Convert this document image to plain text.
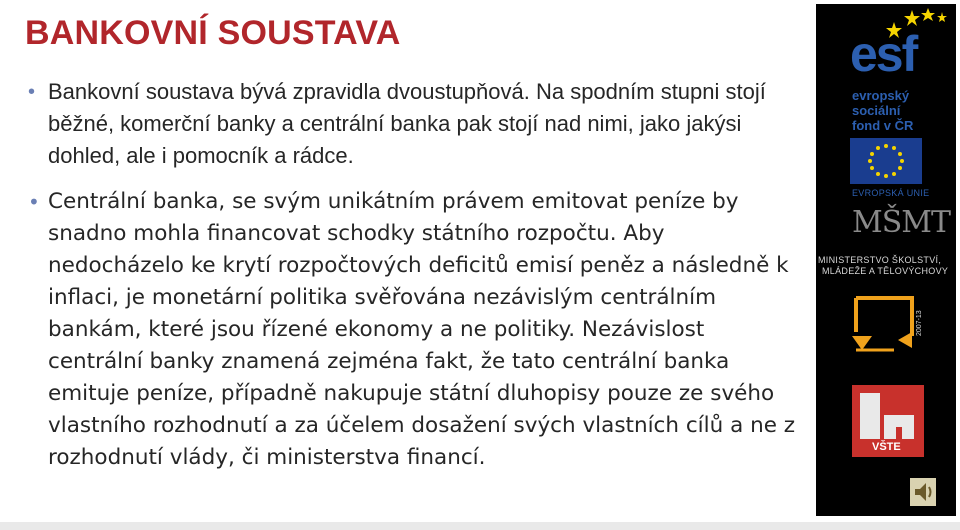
BANKOVNÍ SOUSTAVA
• Bankovní soustava bývá zpravidla dvoustupňová. Na spodním stupni stojí běžné, komerční banky a centrální banka pak stojí nad nimi, jako jakýsi dohled, ale i pomocník a rádce.
• Centrální banka, se svým unikátním právem emitovat peníze by snadno mohla financovat schodky státního rozpočtu. Aby nedocházelo ke krytí rozpočtových deficitů emisí peněz a následně k inflaci, je monetární politika svěřována nezávislým centrálním bankám, které jsou řízené ekonomy a ne politiky. Nezávislost centrální banky znamená zejména fakt, že tato centrální banka emituje peníze, případně nakupuje státní dluhopisy pouze ze svého vlastního rozhodnutí a za účelem dosažení svých vlastních cílů a ne z rozhodnutí vlády, či ministerstva financí.
esf
evropský
sociální
fond v ČR
EVROPSKÁ UNIE
MŠMT
MINISTERSTVO ŠKOLSTVÍ,
MLÁDEŽE A TĚLOVÝCHOVY
2007-13
VŠTE
